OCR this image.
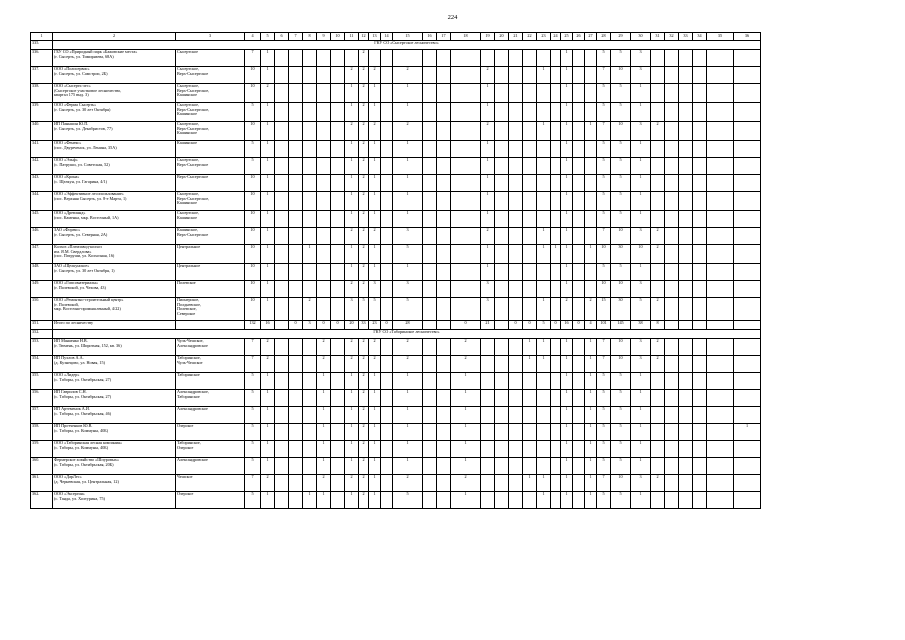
224
1	2	3	4	5	6	7	8	9	10	11	12	13	14	15	16	17	18	19	20	21	22	23	24	25	26	27	28	29	30	31	32	33	34	35	36
335.	ГКУ СО «Сысертское лесничество»																																		
336.	ГБУ СО «Природный парк «Бажовские места»
(г. Сысерть, ул. Тимирязева, 68А)	Сысертское	7	1							2													1			5	5	3						
337.	ООО «Полисервис»
(г. Сысерть, ул. Самстрои, 2Б)	Сысертское,
Верх-Сысертское	10	1						2	2	2		2				2				1		1			7	10	3						
338.	ООО «Сысерть-лес»
(Сысертское участковое лесничество,
квартал 175 выд. 3)	Сысертское,
Верх-Сысертское,
Кашинское	10	2						1	2	1		1				1						1			5	5	1						
339.	ООО «Ферма Сысерть»
(г. Сысерть, ул. 30 лет Октября)	Сысертское,
Верх-Сысертское,
Кашинское	5	1						1	2	1		1				1						1			5	5	1						
340.	ИП Паньшин Ю.П.
(г. Сысерть, ул. Декабристов, 77)	Сысертское,
Верх-Сысертское,
Кашинское	10	1						2	2	2		2				2				1		1		1	7	10	3	2					
341.	ООО «Фенекс»
(пос. Двуреченск, ул. Ленина, 35А)	Кашинское	5	1						1	2	1		1				1						1			5	5	1						
342.	ООО «Эльф»
(с. Патруши, ул. Советская, 52)	Сысертское,
Верх-Сысертское	5	1						1	2	1		1				1						1			5	5	1						
343.	ООО «Крона»
(с. Щелкун, ул. Гагарина, 4/1)	Верх-Сысертское	10	1						1	2	1		1				1						1			5	5	1						
344.	ООО «Эффективное лесопользование»
(пос. Верхняя Сысерть, ул. 8-е Марта, 1)	Сысертское,
Верх-Сысертское,
Кашинское	10	1						1	2	1		1				1						1			5	5	1						
345.	ООО «Древлянд»
(пос. Каменка, мкр. Восточный, 1А)	Сысертское,
Кашинское	10	1						1	2	1		1				1						1			5	5	1						
346.	ЗАО «Форекс»
(г. Сысерть, ул. Северная, 2А)	Кашинское,
Верх-Сысертское	10	1						2	2	2		3				2				1		1			7	10	3	2					
347.	Колхоз «Племзавод-колхоз
им. Я.М. Свердлова»
(пос. Патруши, ул. Колхозная, 16)	Центральное	10	1			1			1	2	1		5				1				1	1	1		1	10	30	10	2					
348.	ЗАО «Щелкунское»
(г. Сысерть, ул. 30 лет Октября, 1)	Центральное	10	1						1	2	1		1				1						1			5	5	1						
349.	ООО «Гипсоматериалы»
(г. Полевской, ул. Чехова, 43)	Полевское	10	1						2	2	3		3				3						1			10	10	3						
350.	ООО «Ремонтно-строительный центр»
(г. Полевской,
мкр. Восточно-промышленный, 4/22)	Пионерское,
Полдневское,
Полевское,
Северское	10	1			2			3	5	5		5				3				1		2		2	15	30	5	2					
351.	Итого по лесничеству		132	16		0	3	0	0	20	33	23	0	28			0	21		0	0	5	0	16	0	4	101	145	38	8					
352.	ГКУ СО «Таборинское лесничество»																																		
353.	ИП Манаенко Н.В.
(г. Тюмень, ул. Широтная, 152, кв. 36)	Чуль-Чешское,
Александровское	7	2				2		2	2	2		2			2				1	1		1		1	7	10	3	2					
354.	ИП Пухлов А.А.
(д. Кузнецово, ул. Новая, 15)	Таборинское,
Чуль-Чешское	7	2				2		2	2	2		2			2				1	1		1		1	7	10	3	2					
355.	ООО «Лидер»
(с. Таборы, ул. Октябрьская, 27)	Таборинское	5	1				1		1	2	1		1			1							1		1	5	5	1						
356.	ИП Гаврилов С.Н.
(с. Таборы, ул. Октябрьская, 27)	Александровское,
Таборинское	5	1				1		1	2	1		1			1							1		1	5	5	1						
357.	ИП Артеменок А.И.
(с. Таборы, ул. Октябрьская, 46)	Александровское	5	1				1		1	2	1		1			1							1		1	5	5	1						
358.	ИП Протченков Ю.В.
(с. Таборы, ул. Коммуны, 40Б)	Озерское	5	1				1		1	2	1		1			1							1		1	5	5	1						1
359.	ООО «Таборинская лесная компания»
(с. Таборы, ул. Коммуны, 40Б)	Таборинское,
Озерское	5	1				1		1	2	1		1			1							1		1	5	5	1						
360.	Фермерское хозяйство «Шпуровых»
(с. Таборы, ул. Октябрьская, 20Б)	Александровское	5	1				1		1	2	1		1			1							1		1	5	5	1						
361.	ООО «ДарЛес»
(д. Черневская, ул. Центральная, 12)	Чешское	7	2				2		2	2	1		2			2				1	1		1		1	7	10	3	2					
362.	ООО «Эксергия»
(с. Танда, ул. Холтурина, 75)	Озерское	5	1			1	1		1	2	1		5			1					1		1		1	5	5	1						
